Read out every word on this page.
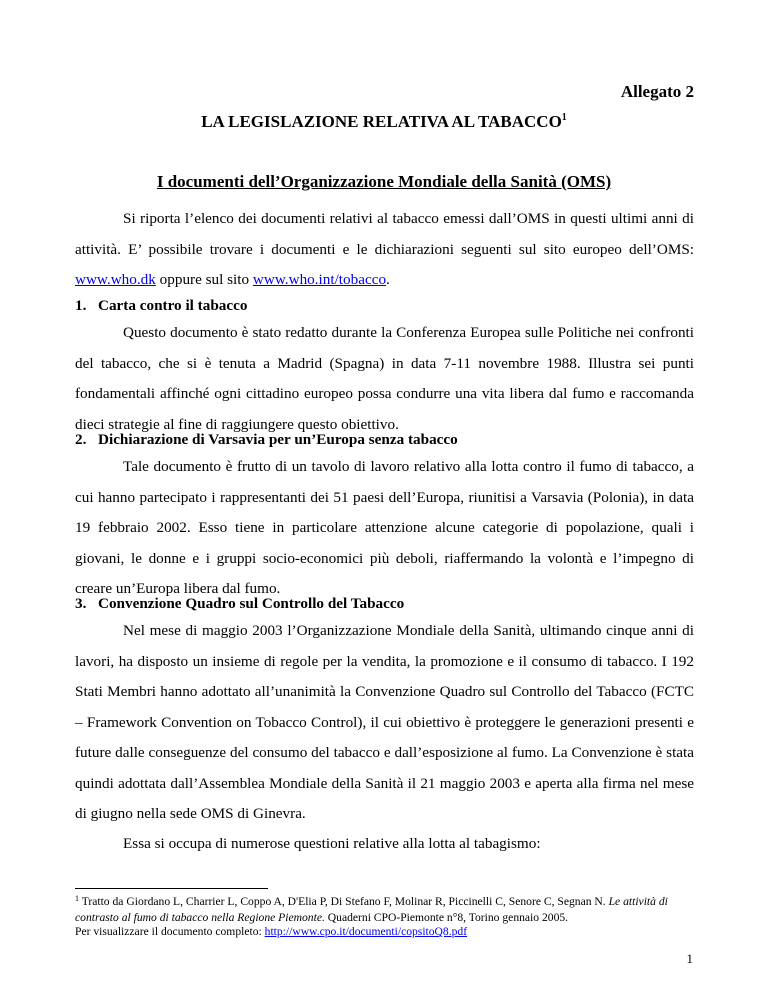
Allegato 2
LA LEGISLAZIONE RELATIVA AL TABACCO$^1$
I documenti dell’Organizzazione Mondiale della Sanità (OMS)

Si riporta l’elenco dei documenti relativi al tabacco emessi dall’OMS in questi ultimi anni di attività. E’ possibile trovare i documenti e le dichiarazioni seguenti sul sito europeo dell’OMS: www.who.dk oppure sul sito www.who.int/tobacco.

1. Carta contro il tabacco

Questo documento è stato redatto durante la Conferenza Europea sulle Politiche nei confronti del tabacco, che si è tenuta a Madrid (Spagna) in data 7-11 novembre 1988. Illustra sei punti fondamentali affinché ogni cittadino europeo possa condurre una vita libera dal fumo e raccomanda dieci strategie al fine di raggiungere questo obiettivo.

2. Dichiarazione di Varsavia per un’Europa senza tabacco

Tale documento è frutto di un tavolo di lavoro relativo alla lotta contro il fumo di tabacco, a cui hanno partecipato i rappresentanti dei 51 paesi dell’Europa, riunitisi a Varsavia (Polonia), in data 19 febbraio 2002. Esso tiene in particolare attenzione alcune categorie di popolazione, quali i giovani, le donne e i gruppi socio-economici più deboli, riaffermando la volontà e l’impegno di creare un’Europa libera dal fumo.

3. Convenzione Quadro sul Controllo del Tabacco

Nel mese di maggio 2003 l’Organizzazione Mondiale della Sanità, ultimando cinque anni di lavori, ha disposto un insieme di regole per la vendita, la promozione e il consumo di tabacco. I 192 Stati Membri hanno adottato all’unanimità la Convenzione Quadro sul Controllo del Tabacco (FCTC – Framework Convention on Tobacco Control), il cui obiettivo è proteggere le generazioni presenti e future dalle conseguenze del consumo del tabacco e dall’esposizione al fumo. La Convenzione è stata quindi adottata dall’Assemblea Mondiale della Sanità il 21 maggio 2003 e aperta alla firma nel mese di giugno nella sede OMS di Ginevra.

Essa si occupa di numerose questioni relative alla lotta al tabagismo:

$^1$ Tratto da Giordano L, Charrier L, Coppo A, D'Elia P, Di Stefano F, Molinar R, Piccinelli C, Senore C, Segnan N. Le attività di contrasto al fumo di tabacco nella Regione Piemonte. Quaderni CPO-Piemonte n°8, Torino gennaio 2005.
Per visualizzare il documento completo: http://www.cpo.it/documenti/copsitoQ8.pdf

1
